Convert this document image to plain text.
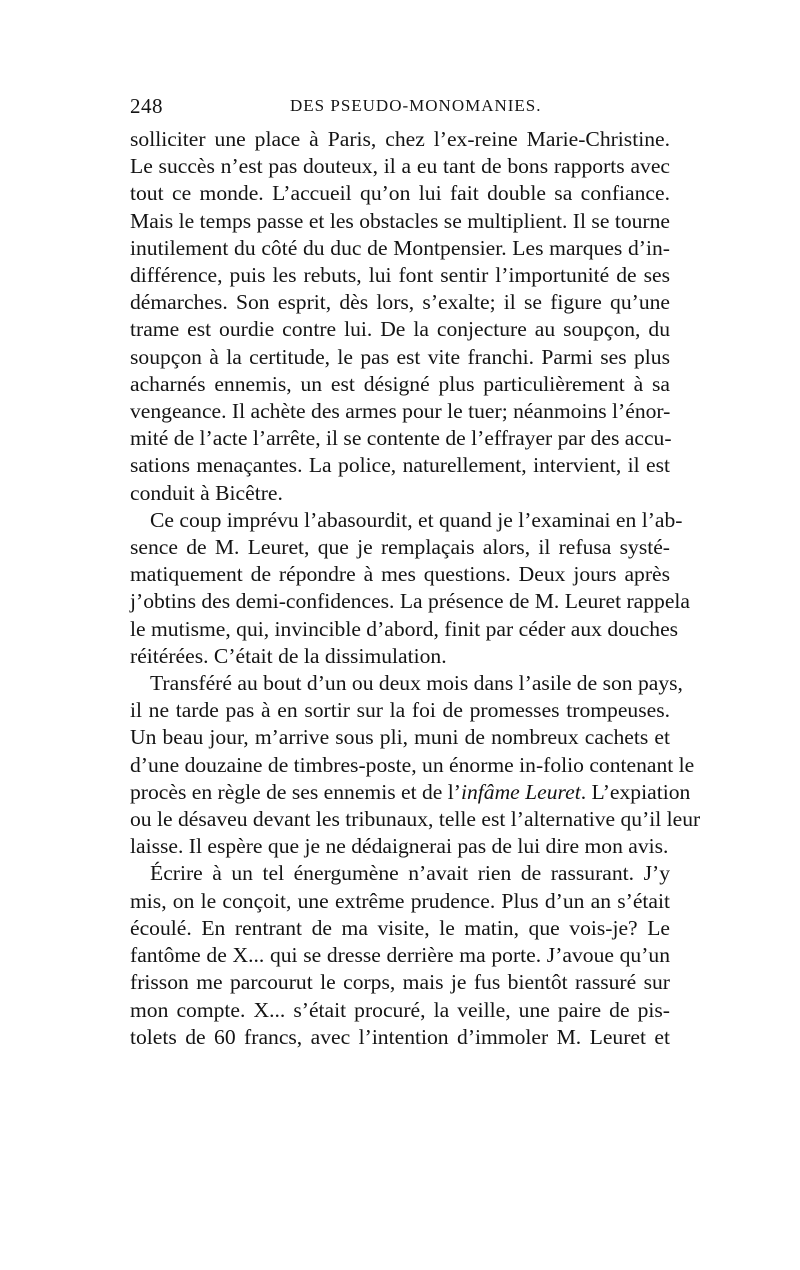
248	DES PSEUDO-MONOMANIES.
solliciter une place à Paris, chez l’ex-reine Marie-Christine.
Le succès n’est pas douteux, il a eu tant de bons rapports avec
tout ce monde. L’accueil qu’on lui fait double sa confiance.
Mais le temps passe et les obstacles se multiplient. Il se tourne
inutilement du côté du duc de Montpensier. Les marques d’in-
différence, puis les rebuts, lui font sentir l’importunité de ses
démarches. Son esprit, dès lors, s’exalte; il se figure qu’une
trame est ourdie contre lui. De la conjecture au soupçon, du
soupçon à la certitude, le pas est vite franchi. Parmi ses plus
acharnés ennemis, un est désigné plus particulièrement à sa
vengeance. Il achète des armes pour le tuer; néanmoins l’énor-
mité de l’acte l’arrête, il se contente de l’effrayer par des accu-
sations menaçantes. La police, naturellement, intervient, il est
conduit à Bicêtre.
Ce coup imprévu l’abasourdit, et quand je l’examinai en l’ab-
sence de M. Leuret, que je remplaçais alors, il refusa systé-
matiquement de répondre à mes questions. Deux jours après
j’obtins des demi-confidences. La présence de M. Leuret rappela
le mutisme, qui, invincible d’abord, finit par céder aux douches
réitérées. C’était de la dissimulation.
Transféré au bout d’un ou deux mois dans l’asile de son pays,
il ne tarde pas à en sortir sur la foi de promesses trompeuses.
Un beau jour, m’arrive sous pli, muni de nombreux cachets et
d’une douzaine de timbres-poste, un énorme in-folio contenant le
procès en règle de ses ennemis et de l’infâme Leuret. L’expiation
ou le désaveu devant les tribunaux, telle est l’alternative qu’il leur
laisse. Il espère que je ne dédaignerai pas de lui dire mon avis.
Écrire à un tel énergumène n’avait rien de rassurant. J’y
mis, on le conçoit, une extrême prudence. Plus d’un an s’était
écoulé. En rentrant de ma visite, le matin, que vois-je? Le
fantôme de X... qui se dresse derrière ma porte. J’avoue qu’un
frisson me parcourut le corps, mais je fus bientôt rassuré sur
mon compte. X... s’était procuré, la veille, une paire de pis-
tolets de 60 francs, avec l’intention d’immoler M. Leuret et
